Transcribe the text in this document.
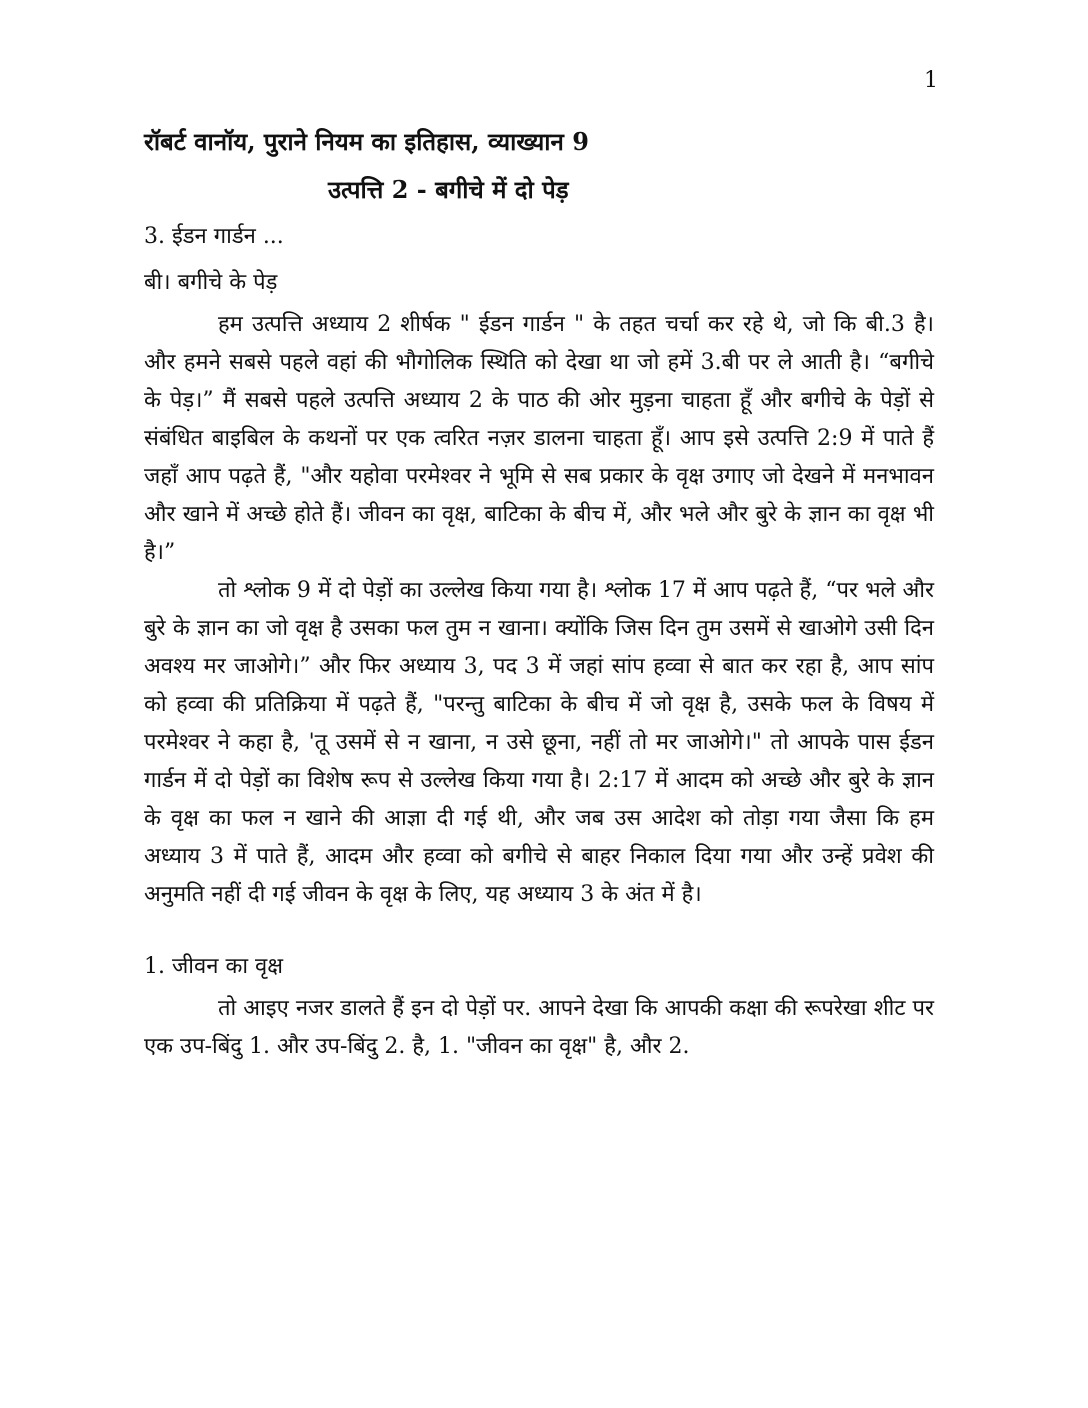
1
रॉबर्ट वानॉय, पुराने नियम का इतिहास, व्याख्यान 9
उत्पत्ति 2 - बगीचे में दो पेड़
3. ईडन गार्डन ...
बी। बगीचे के पेड़

हम उत्पत्ति अध्याय 2 शीर्षक " ईडन गार्डन " के तहत चर्चा कर रहे थे, जो कि बी.3 है। और हमने सबसे पहले वहां की भौगोलिक स्थिति को देखा था जो हमें 3.बी पर ले आती है। “बगीचे के पेड़।” मैं सबसे पहले उत्पत्ति अध्याय 2 के पाठ की ओर मुड़ना चाहता हूँ और बगीचे के पेड़ों से संबंधित बाइबिल के कथनों पर एक त्वरित नज़र डालना चाहता हूँ। आप इसे उत्पत्ति 2:9 में पाते हैं जहाँ आप पढ़ते हैं, "और यहोवा परमेश्वर ने भूमि से सब प्रकार के वृक्ष उगाए जो देखने में मनभावन और खाने में अच्छे होते हैं। जीवन का वृक्ष, बाटिका के बीच में, और भले और बुरे के ज्ञान का वृक्ष भी है।”

तो श्लोक 9 में दो पेड़ों का उल्लेख किया गया है। श्लोक 17 में आप पढ़ते हैं, “पर भले और बुरे के ज्ञान का जो वृक्ष है उसका फल तुम न खाना। क्योंकि जिस दिन तुम उसमें से खाओगे उसी दिन अवश्य मर जाओगे।” और फिर अध्याय 3, पद 3 में जहां सांप हव्वा से बात कर रहा है, आप सांप को हव्वा की प्रतिक्रिया में पढ़ते हैं, "परन्तु बाटिका के बीच में जो वृक्ष है, उसके फल के विषय में परमेश्वर ने कहा है, 'तू उसमें से न खाना, न उसे छूना, नहीं तो मर जाओगे।" तो आपके पास ईडन गार्डन में दो पेड़ों का विशेष रूप से उल्लेख किया गया है। 2:17 में आदम को अच्छे और बुरे के ज्ञान के वृक्ष का फल न खाने की आज्ञा दी गई थी, और जब उस आदेश को तोड़ा गया जैसा कि हम अध्याय 3 में पाते हैं, आदम और हव्वा को बगीचे से बाहर निकाल दिया गया और उन्हें प्रवेश की अनुमति नहीं दी गई जीवन के वृक्ष के लिए, यह अध्याय 3 के अंत में है।

1. जीवन का वृक्ष

तो आइए नजर डालते हैं इन दो पेड़ों पर. आपने देखा कि आपकी कक्षा की रूपरेखा शीट पर एक उप-बिंदु 1. और उप-बिंदु 2. है, 1. "जीवन का वृक्ष" है, और 2.
